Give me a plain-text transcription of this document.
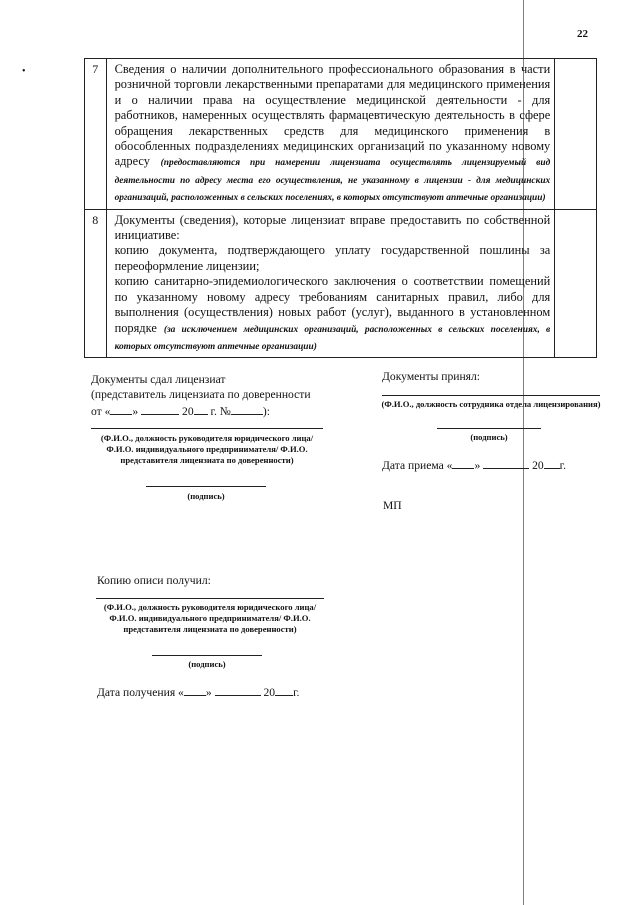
22
•	7	Сведения о наличии дополнительного профессионального образования в части розничной торговли лекарственными препаратами для медицинского применения и о наличии права на осуществление медицинской деятельности - для работников, намеренных осуществлять фармацевтическую деятельность в сфере обращения лекарственных средств для медицинского применения в обособленных подразделениях медицинских организаций по указанному новому адресу (предоставляются при намерении лицензиата осуществлять лицензируемый вид деятельности по адресу места его осуществления, не указанному в лицензии - для медицинских организаций, расположенных в сельских поселениях, в которых отсутствуют аптечные организации)	
8	Документы (сведения), которые лицензиат вправе предоставить по собственной инициативе:

копию документа, подтверждающего уплату государственной пошлины за переоформление лицензии;

копию санитарно-эпидемиологического заключения о соответствии помещений по указанному новому адресу требованиям санитарных правил, либо для выполнения (осуществления) новых работ (услуг), выданного в установленном порядке (за исключением медицинских организаций, расположенных в сельских поселениях, в которых отсутствуют аптечные организации)	

Документы сдал лицензиат
(представитель лицензиата по доверенности
от « »	20 г. №	):
(Ф.И.О., должность руководителя юридического лица/ Ф.И.О. индивидуального предпринимателя/ Ф.И.О. представителя лицензиата по доверенности)
(подпись)
Документы принял:
(Ф.И.О., должность сотрудника отдела лицензирования)
(подпись)
Дата приема « »	20 г.
МП
Копию описи получил:
(Ф.И.О., должность руководителя юридического лица/ Ф.И.О. индивидуального предпринимателя/ Ф.И.О. представителя лицензиата по доверенности)
(подпись)
Дата получения « »	20 г.
